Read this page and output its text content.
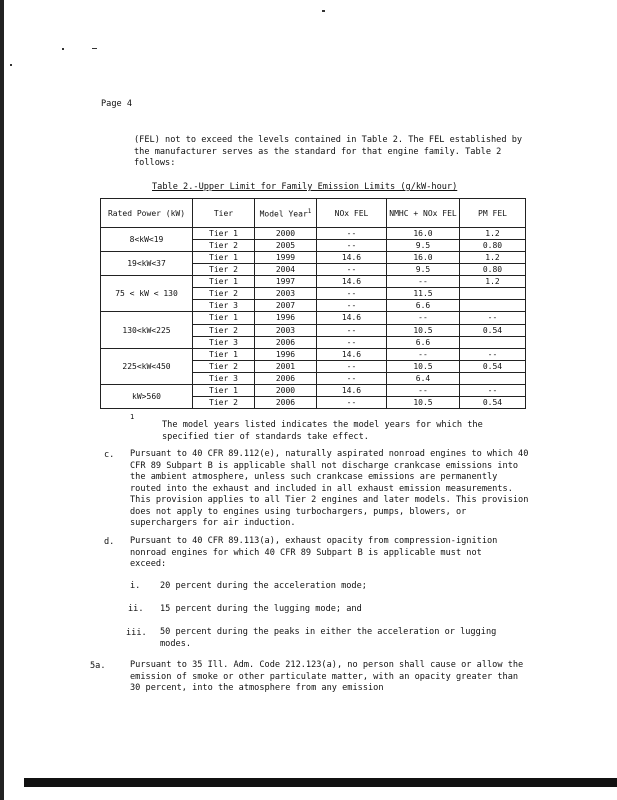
Page 4
(FEL) not to exceed the levels contained in Table 2. The FEL established by the manufacturer serves as the standard for that engine family. Table 2 follows:
Table 2.-Upper Limit for Family Emission Limits (g/kW-hour)
Rated Power (kW)	Tier	Model Year$^1$	NOx FEL	NMHC + NOx FEL	PM FEL
8<kW<19	Tier 1	2000	--	16.0	1.2
	Tier 2	2005	--	9.5	0.80
19<kW<37	Tier 1	1999	14.6	16.0	1.2
	Tier 2	2004	--	9.5	0.80
75 < kW < 130	Tier 1	1997	14.6	--	1.2
	Tier 2	2003	--	11.5	
	Tier 3	2007	--	6.6	
130<kW<225	Tier 1	1996	14.6	--	--
	Tier 2	2003	--	10.5	0.54
	Tier 3	2006	--	6.6	
225<kW<450	Tier 1	1996	14.6	--	--
	Tier 2	2001	--	10.5	0.54
	Tier 3	2006	--	6.4	
kW>560	Tier 1	2000	14.6	--	--
	Tier 2	2006	--	10.5	0.54
1
The model years listed indicates the model years for which the specified tier of standards take effect.
c. Pursuant to 40 CFR 89.112(e), naturally aspirated nonroad engines to which 40 CFR 89 Subpart B is applicable shall not discharge crankcase emissions into the ambient atmosphere, unless such crankcase emissions are permanently routed into the exhaust and included in all exhaust emission measurements. This provision applies to all Tier 2 engines and later models. This provision does not apply to engines using turbochargers, pumps, blowers, or superchargers for air induction.
d. Pursuant to 40 CFR 89.113(a), exhaust opacity from compression-ignition nonroad engines for which 40 CFR 89 Subpart B is applicable must not exceed:
i. 20 percent during the acceleration mode;
ii. 15 percent during the lugging mode; and
iii. 50 percent during the peaks in either the acceleration or lugging modes.
5a.	Pursuant to 35 Ill. Adm. Code 212.123(a), no person shall cause or allow the emission of smoke or other particulate matter, with an opacity greater than 30 percent, into the atmosphere from any emission
